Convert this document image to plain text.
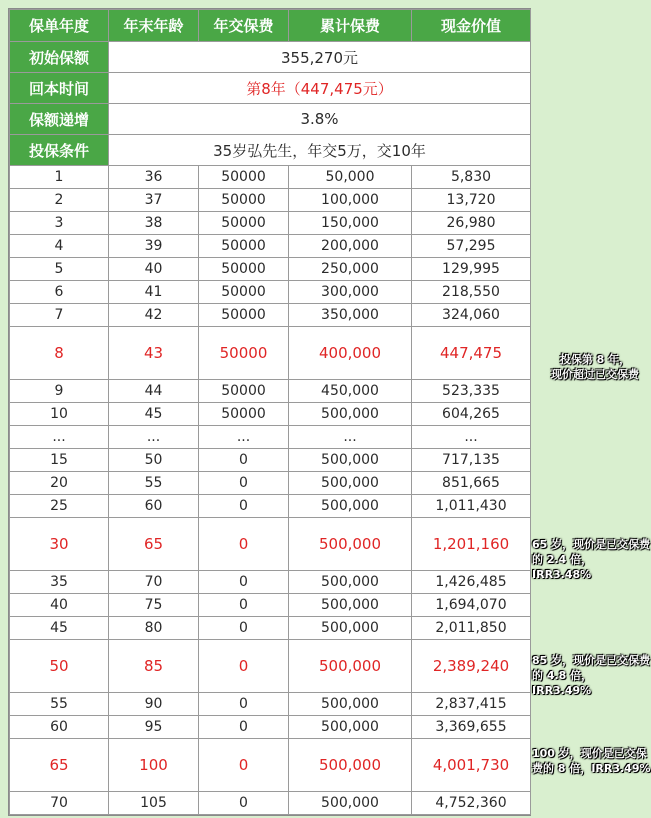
初始保额	355,270元			
回本时间	第8年（447,475元）			
保额递增	3.8%			
投保条件	35岁弘先生，年交5万，交10年			
保单年度	年末年龄	年交保费	累计保费	现金价值
1	36	50000	50,000	5,830
2	37	50000	100,000	13,720
3	38	50000	150,000	26,980
4	39	50000	200,000	57,295
5	40	50000	250,000	129,995
6	41	50000	300,000	218,550
7	42	50000	350,000	324,060
8	43	50000	400,000	447,475
9	44	50000	450,000	523,335
10	45	50000	500,000	604,265
...	...	...	...	...
15	50	0	500,000	717,135
20	55	0	500,000	851,665
25	60	0	500,000	1,011,430
30	65	0	500,000	1,201,160
35	70	0	500,000	1,426,485
40	75	0	500,000	1,694,070
45	80	0	500,000	2,011,850
50	85	0	500,000	2,389,240
55	90	0	500,000	2,837,415
60	95	0	500,000	3,369,655
65	100	0	500,000	4,001,730
70	105	0	500,000	4,752,360
投保第 8 年，
现价超过已交保费
65 岁，现价是已交保费
的 2.4 倍，IRR3.48%
85 岁，现价是已交保费
的 4.8 倍，IRR3.49%
100 岁，现价是已交保
费的 8 倍，IRR3.49%
